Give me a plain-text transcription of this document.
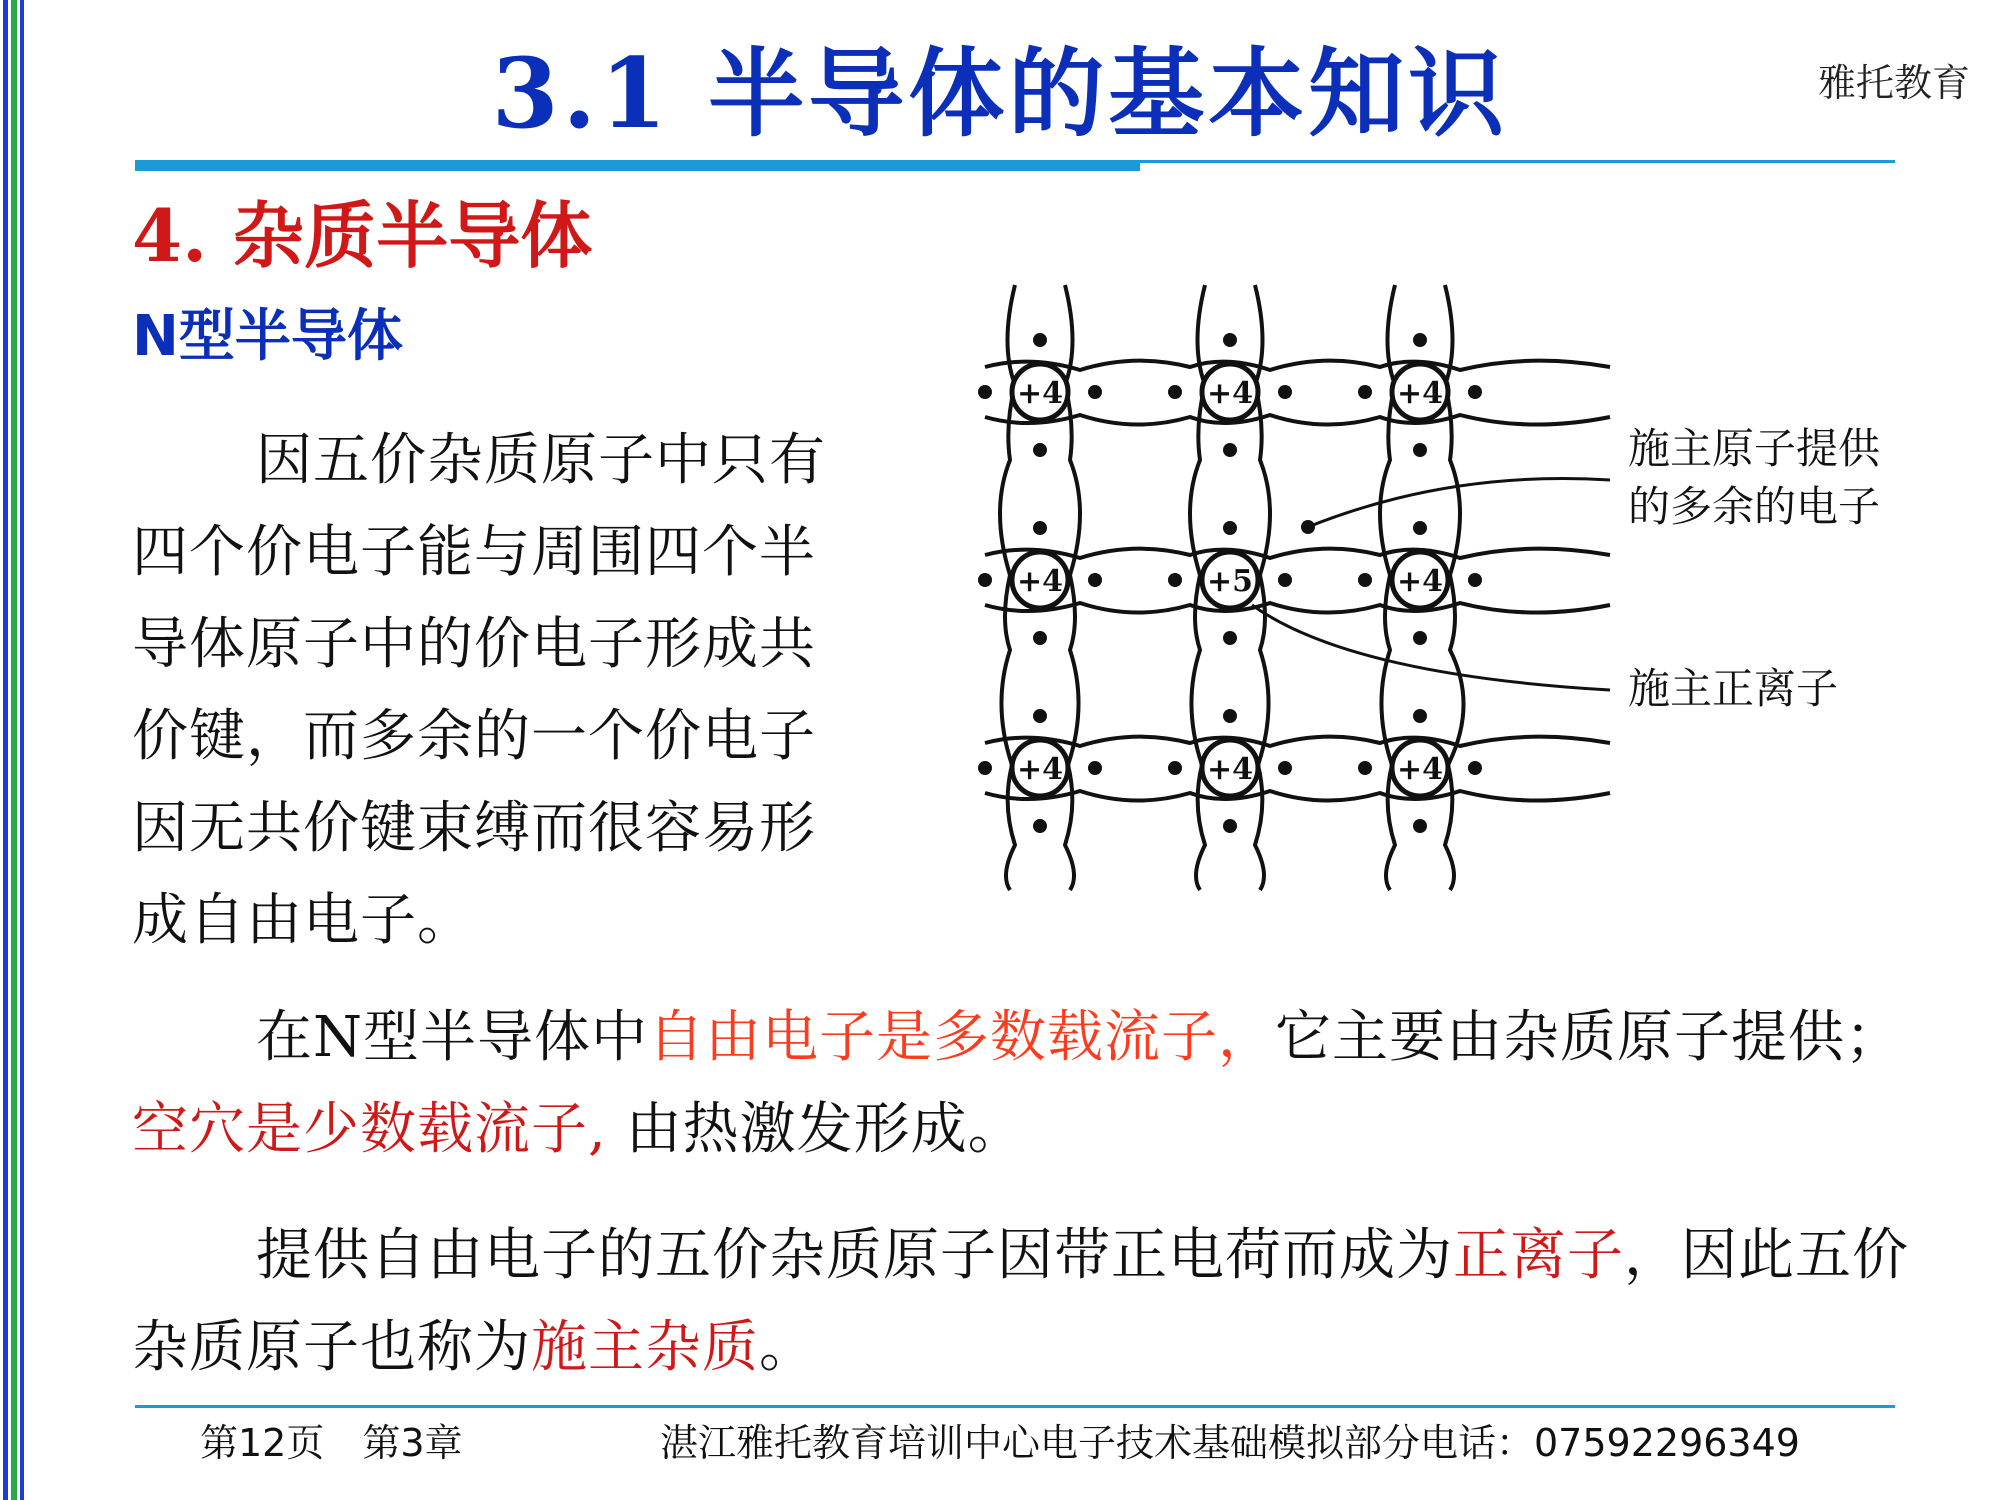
3.1 半导体的基本知识	雅托教育
4. 杂质半导体
N型半导体
因五价杂质原子中只有四个价电子能与周围四个半导体原子中的价电子形成共价键，而多余的一个价电子因无共价键束缚而很容易形成自由电子。
+4	+4	+4
+4	+5	+4
+4	+4	+4
施主原子提供的多余的电子
施主正离子
在N型半导体中自由电子是多数载流子，它主要由杂质原子提供；空穴是少数载流子, 由热激发形成。
提供自由电子的五价杂质原子因带正电荷而成为正离子，因此五价杂质原子也称为施主杂质。
第12页　第3章	湛江雅托教育培训中心电子技术基础模拟部分电话：07592296349
